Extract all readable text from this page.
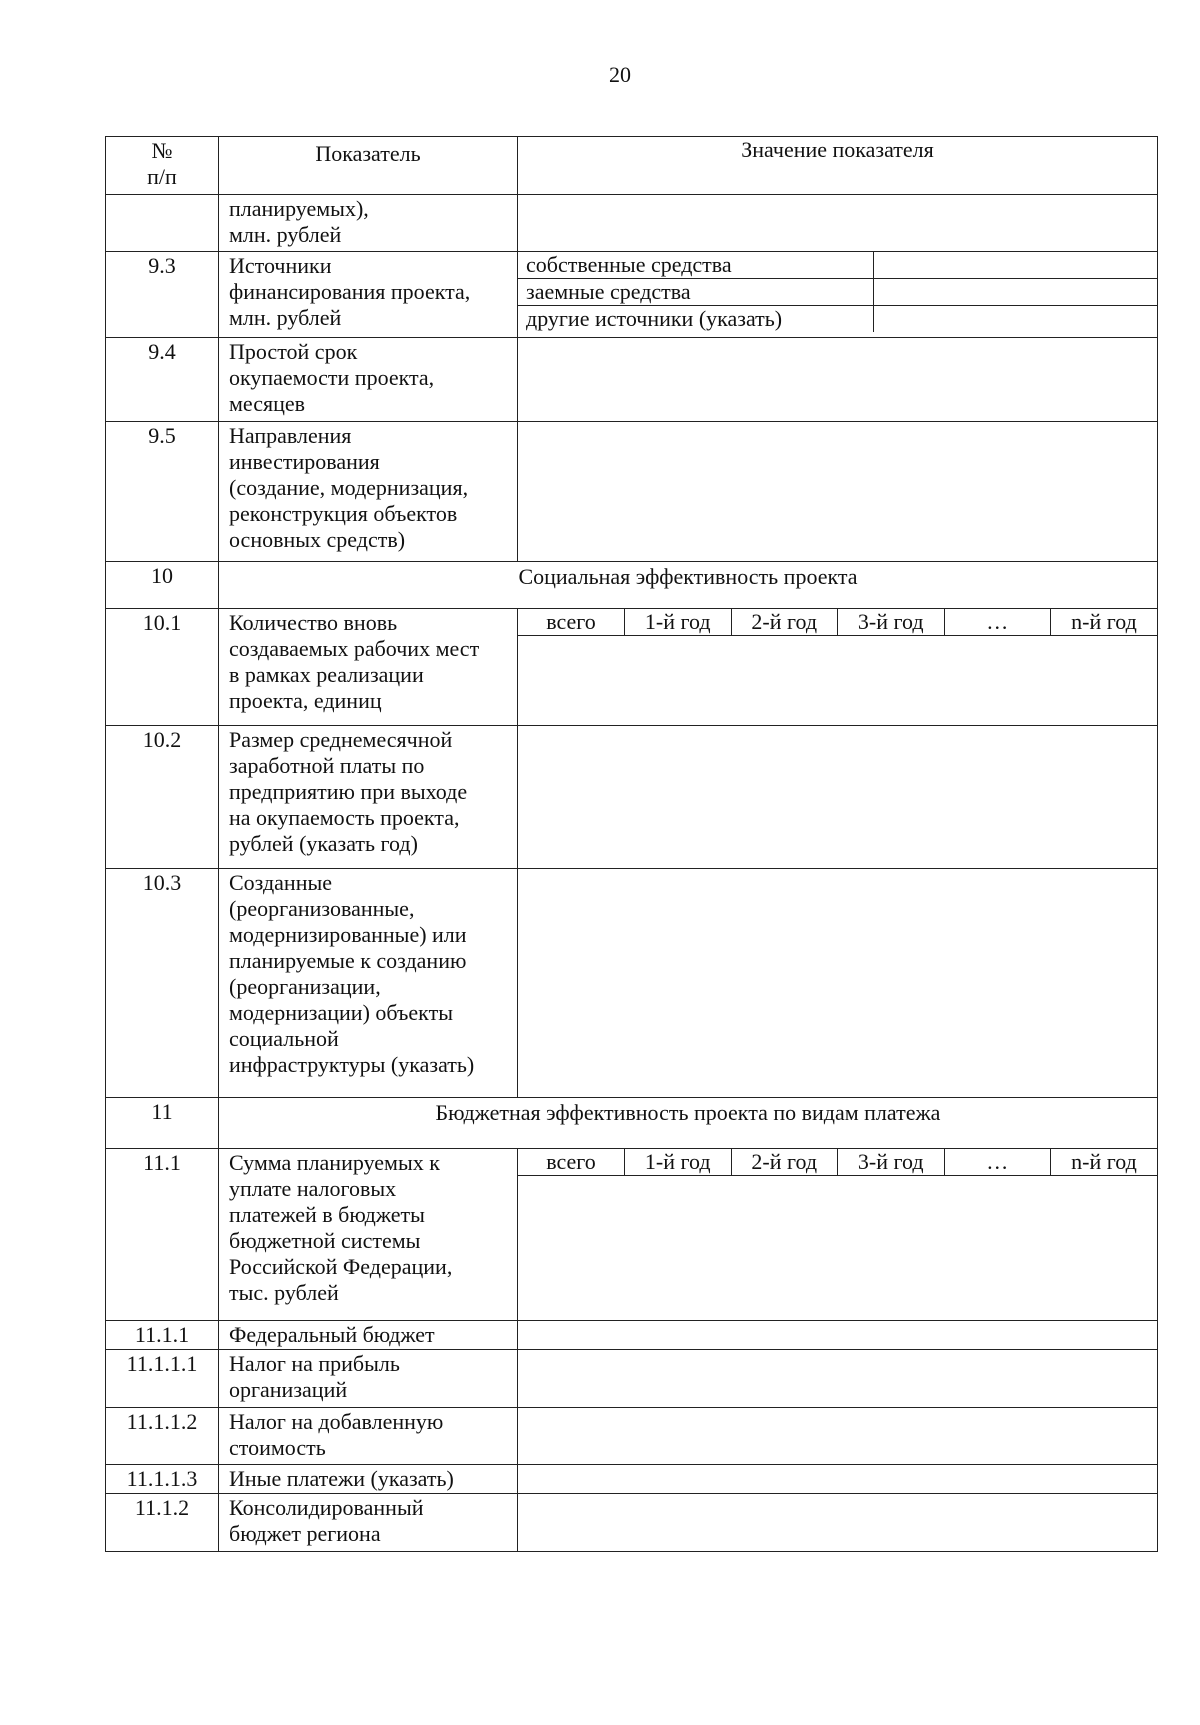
20
№
п/п	Показатель	Значение показателя
	планируемых),
млн. рублей	

9.3	Источники
финансирования проекта,
млн. рублей	
собственные средства	
заемные средства	
другие источники (указать)	

9.4	Простой срок
окупаемости проекта,
месяцев	
9.5	Направления
инвестирования
(создание, модернизация,
реконструкция объектов
основных средств)	
10	Социальная эффективность проекта
10.1	Количество вновь
создаваемых рабочих мест
в рамках реализации
проекта, единиц	
всего	1-й год	2-й год	3-й год	…	n-й год

10.2	Размер среднемесячной
заработной платы по
предприятию при выходе
на окупаемость проекта,
рублей (указать год)	
10.3	Созданные
(реорганизованные,
модернизированные) или
планируемые к созданию
(реорганизации,
модернизации) объекты
социальной
инфраструктуры (указать)	
11	Бюджетная эффективность проекта по видам платежа
11.1	Сумма планируемых к
уплате налоговых
платежей в бюджеты
бюджетной системы
Российской Федерации,
тыс. рублей	
всего	1-й год	2-й год	3-й год	…	n-й год

11.1.1	Федеральный бюджет	

11.1.1.1	Налог на прибыль
организаций	

11.1.1.2	Налог на добавленную
стоимость	

11.1.1.3	Иные платежи (указать)	

11.1.2	Консолидированный
бюджет региона	
